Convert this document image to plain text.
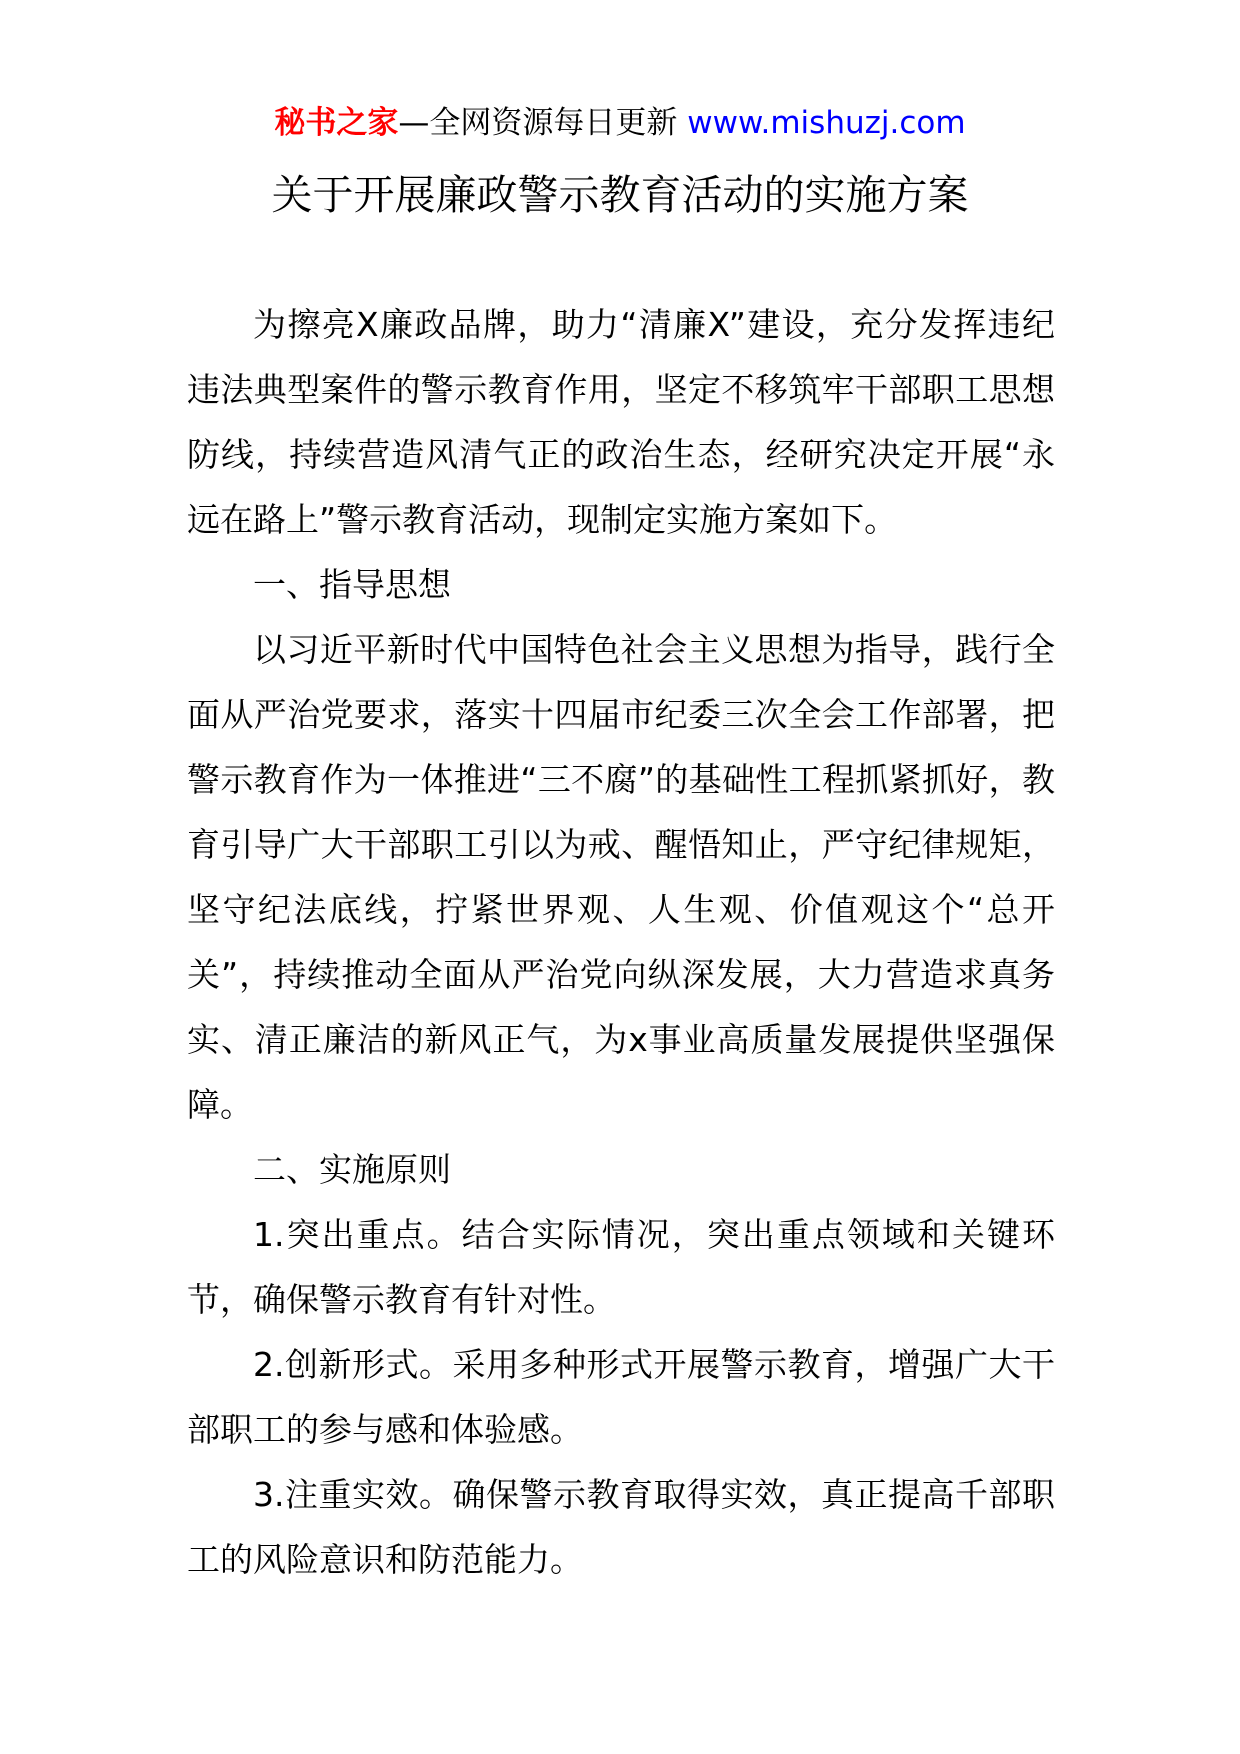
秘书之家—全网资源每日更新 www.mishuzj.com
关于开展廉政警示教育活动的实施方案

为擦亮X廉政品牌，助力“清廉X”建设，充分发挥违纪违法典型案件的警示教育作用，坚定不移筑牢干部职工思想防线，持续营造风清气正的政治生态，经研究决定开展“永远在路上”警示教育活动，现制定实施方案如下。

一、指导思想

以习近平新时代中国特色社会主义思想为指导，践行全面从严治党要求，落实十四届市纪委三次全会工作部署，把警示教育作为一体推进“三不腐”的基础性工程抓紧抓好，教育引导广大干部职工引以为戒、醒悟知止，严守纪律规矩，坚守纪法底线，拧紧世界观、人生观、价值观这个“总开关”，持续推动全面从严治党向纵深发展，大力营造求真务实、清正廉洁的新风正气，为x事业高质量发展提供坚强保障。

二、实施原则

1.突出重点。结合实际情况，突出重点领域和关键环节，确保警示教育有针对性。

2.创新形式。采用多种形式开展警示教育，增强广大干部职工的参与感和体验感。

3.注重实效。确保警示教育取得实效，真正提高千部职工的风险意识和防范能力。
